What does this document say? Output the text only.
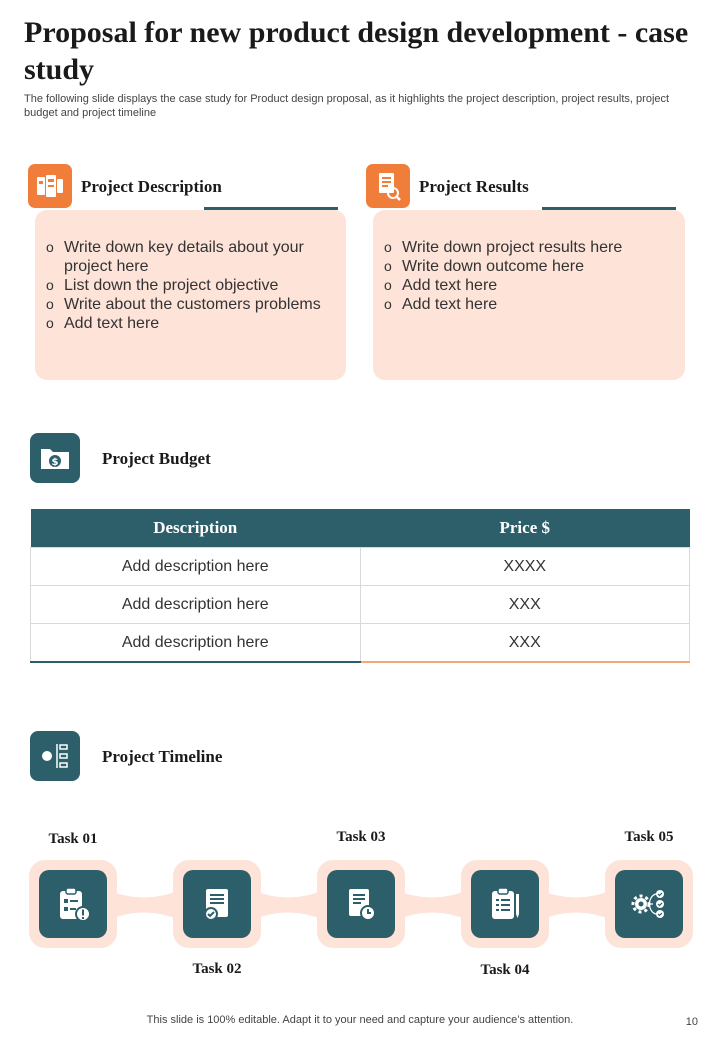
Proposal for new product design development - case study

The following slide displays the case study for Product design proposal, as it highlights the project description, project results, project budget and project timeline

Project Description
o Write down key details about your project here
o List down the project objective
o Write about the customers problems
o Add text here
Project Results
o Write down project results here
o Write down outcome here
o Add text here
o Add text here
$	Project Budget
Description	Price $
Add description here	XXXX
Add description here	XXX
Add description here	XXX
Project Timeline
Task 01
Task 02
Task 03
Task 04
Task 05
This slide is 100% editable. Adapt it to your need and capture your audience’s attention.	10
